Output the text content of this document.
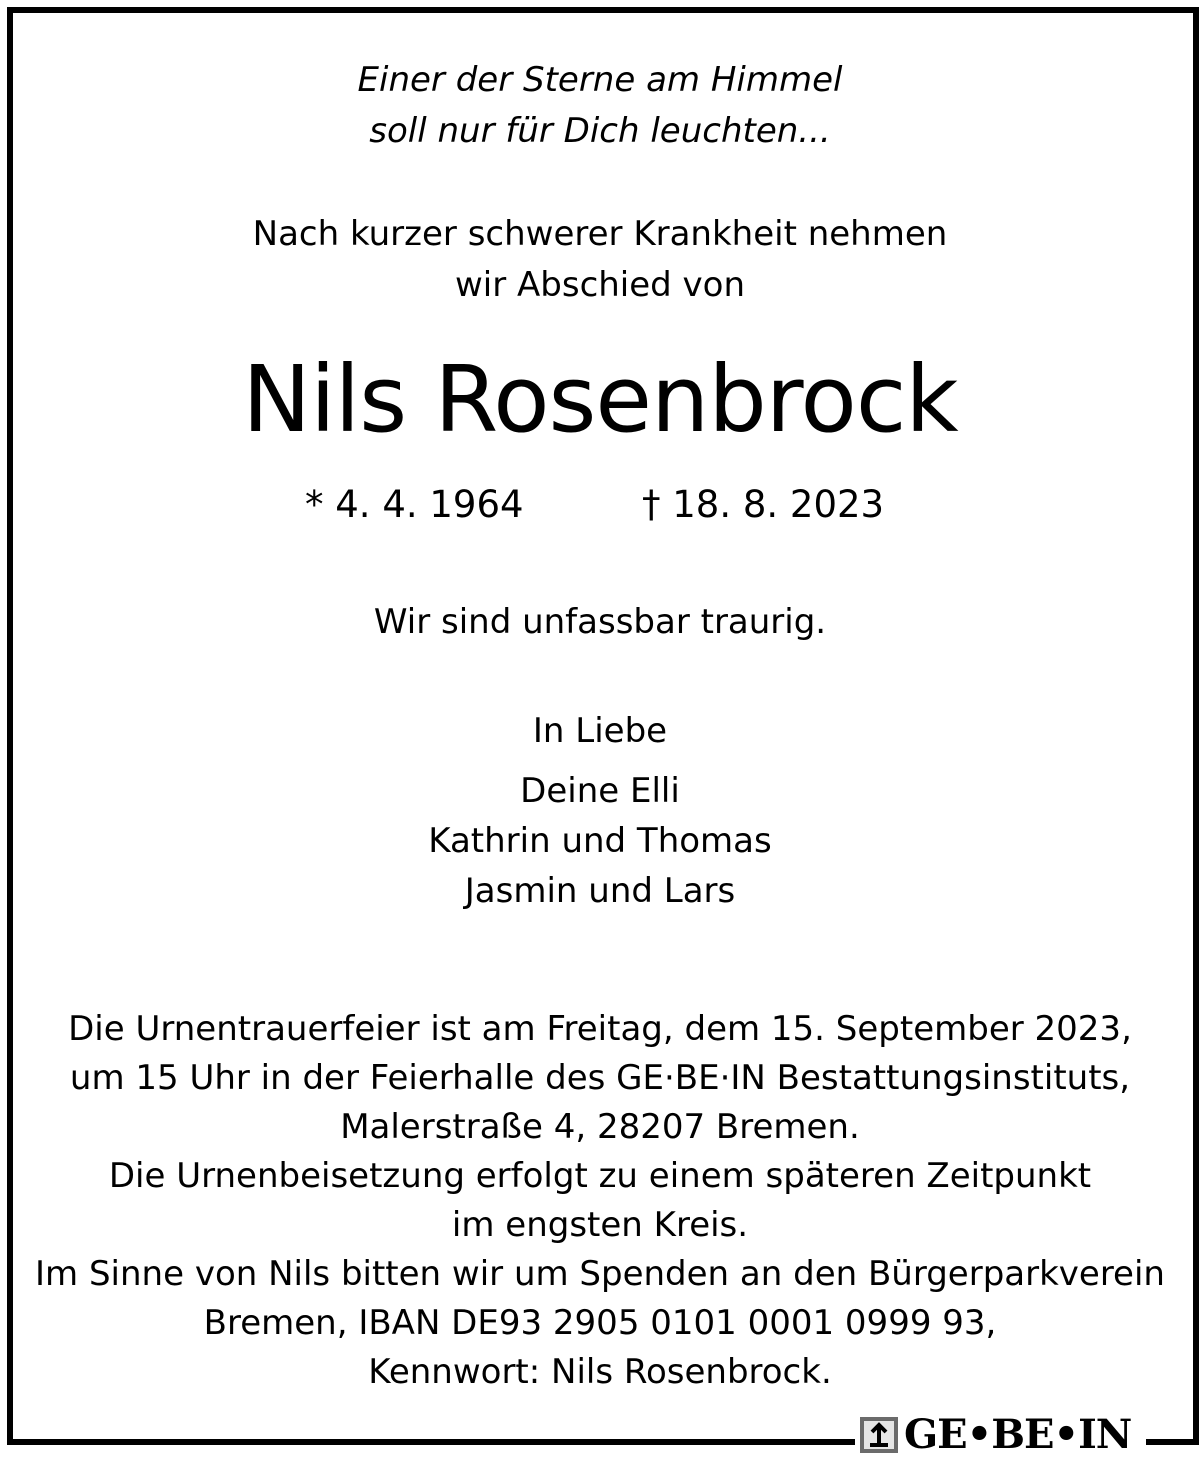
Einer der Sterne am Himmel
soll nur für Dich leuchten...
Nach kurzer schwerer Krankheit nehmen
wir Abschied von
Nils Rosenbrock
* 4. 4. 1964	† 18. 8. 2023
Wir sind unfassbar traurig.
In Liebe
Deine Elli
Kathrin und Thomas
Jasmin und Lars
Die Urnentrauerfeier ist am Freitag, dem 15. September 2023,
um 15 Uhr in der Feierhalle des GE·BE·IN Bestattungsinstituts,
Malerstraße 4, 28207 Bremen.
Die Urnenbeisetzung erfolgt zu einem späteren Zeitpunkt
im engsten Kreis.
Im Sinne von Nils bitten wir um Spenden an den Bürgerparkverein
Bremen, IBAN DE93 2905 0101 0001 0999 93,
Kennwort: Nils Rosenbrock.
GE•BE•IN
